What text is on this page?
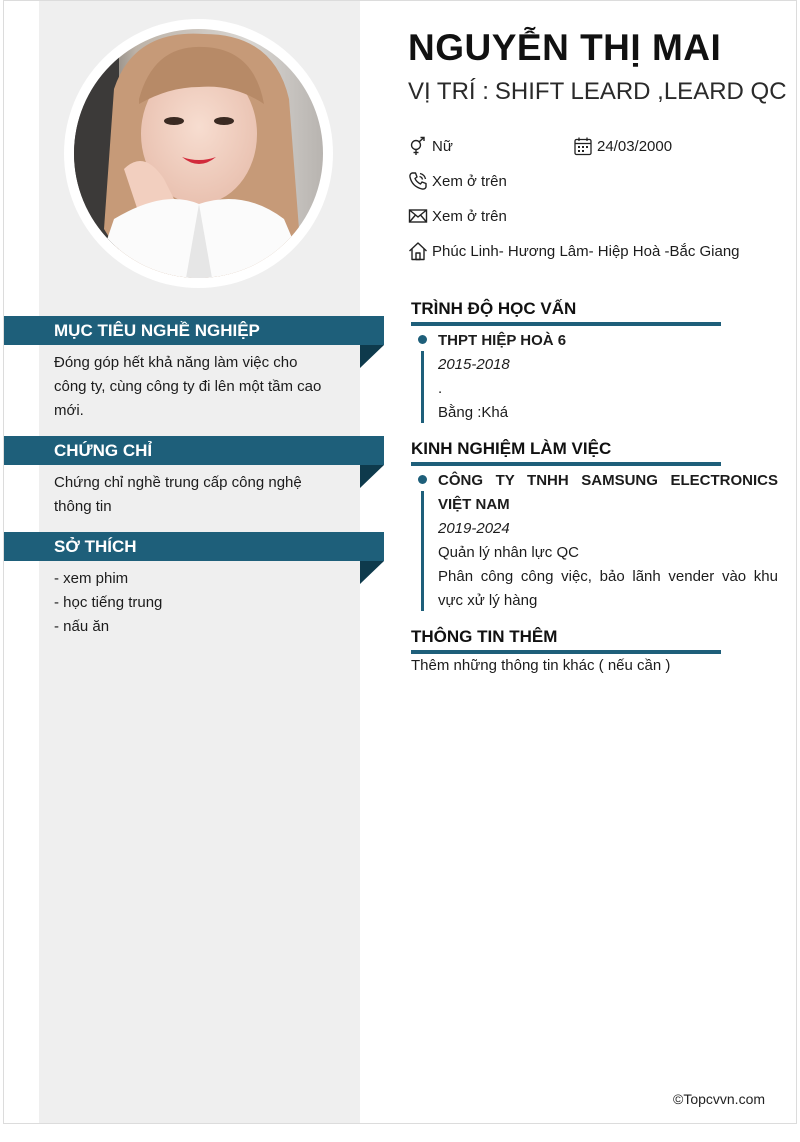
MỤC TIÊU NGHỀ NGHIỆP
Đóng góp hết khả năng làm việc cho công ty, cùng công ty đi lên một tầm cao mới.
CHỨNG CHỈ
Chứng chỉ nghề trung cấp công nghệ thông tin
SỞ THÍCH
- xem phim
- học tiếng trung
- nấu ăn
NGUYỄN THỊ MAI
VỊ TRÍ : SHIFT LEARD ,LEARD QC
Nữ	24/03/2000
Xem ở trên
Xem ở trên
Phúc Linh- Hương Lâm- Hiệp Hoà -Bắc Giang
TRÌNH ĐỘ HỌC VẤN
THPT HIỆP HOÀ 6
2015-2018
.
Bằng :Khá
KINH NGHIỆM LÀM VIỆC
CÔNG TY TNHH SAMSUNG ELECTRONICS
VIỆT NAM
2019-2024
Quản lý nhân lực QC
Phân công công việc, bảo lãnh vender vào khu vực xử lý hàng
THÔNG TIN THÊM
Thêm những thông tin khác ( nếu cần )
©Topcvvn.com
